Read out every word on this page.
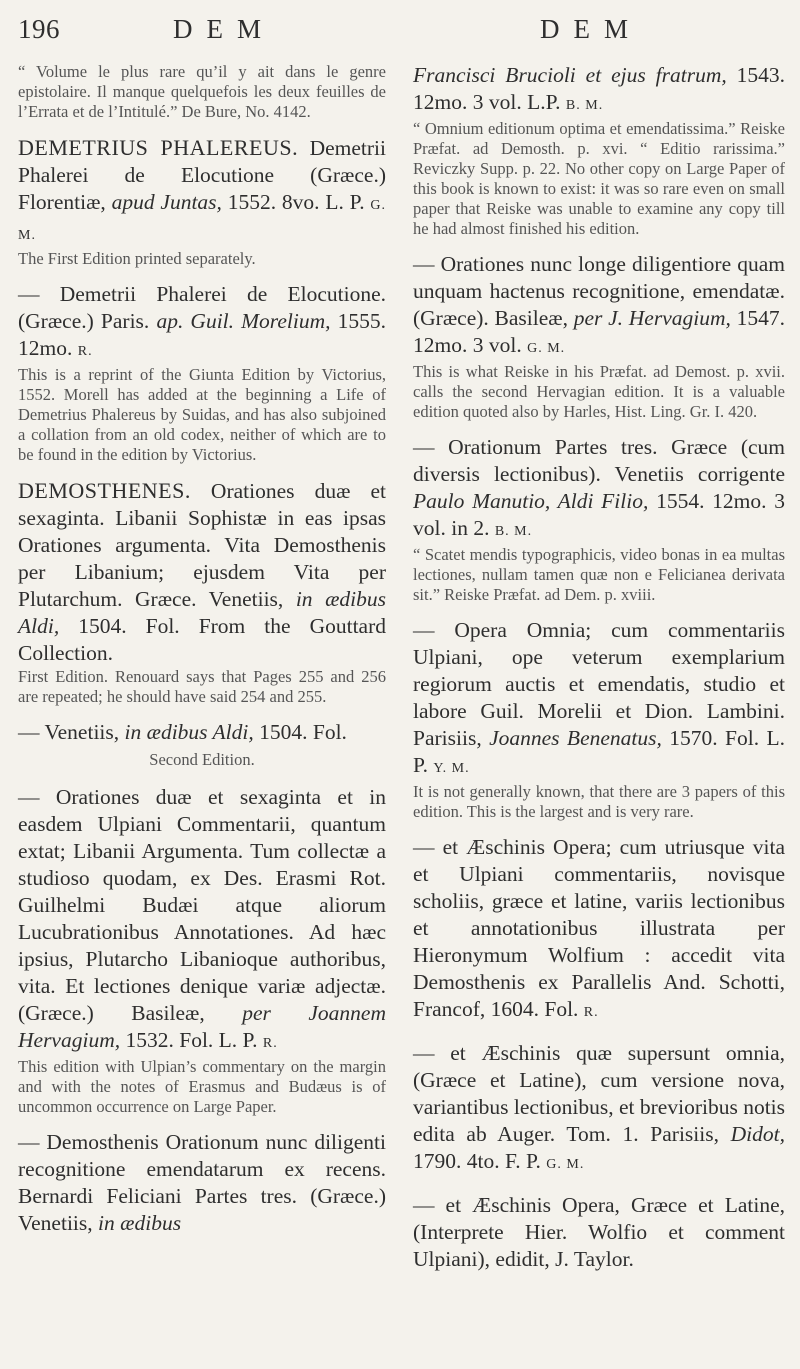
196	DEM	DEM

“ Volume le plus rare qu’il y ait dans le genre epistolaire. Il manque quelquefois les deux feuilles de l’Errata et de l’Intitulé.” De Bure, No. 4142.

DEMETRIUS PHALEREUS. Demetrii Phalerei de Elocutione (Græce.) Florentiæ, apud Juntas, 1552. 8vo. L. P. G. M.

The First Edition printed separately.

— Demetrii Phalerei de Elocutione. (Græce.) Paris. ap. Guil. Morelium, 1555. 12mo. R.

This is a reprint of the Giunta Edition by Victorius, 1552. Morell has added at the beginning a Life of Demetrius Phalereus by Suidas, and has also subjoined a collation from an old codex, neither of which are to be found in the edition by Victorius.

DEMOSTHENES. Orationes duæ et sexaginta. Libanii Sophistæ in eas ipsas Orationes argumenta. Vita Demosthenis per Libanium; ejusdem Vita per Plutarchum. Græce. Venetiis, in ædibus Aldi, 1504. Fol. From the Gouttard Collection.

First Edition. Renouard says that Pages 255 and 256 are repeated; he should have said 254 and 255.

— Venetiis, in ædibus Aldi, 1504. Fol.

Second Edition.

— Orationes duæ et sexaginta et in easdem Ulpiani Commentarii, quantum extat; Libanii Argumenta. Tum collectæ a studioso quodam, ex Des. Erasmi Rot. Guilhelmi Budæi atque aliorum Lucubrationibus Annotationes. Ad hæc ipsius, Plutarcho Libanioque authoribus, vita. Et lectiones denique variæ adjectæ. (Græce.) Basileæ, per Joannem Hervagium, 1532. Fol. L. P. R.

This edition with Ulpian’s commentary on the margin and with the notes of Erasmus and Budæus is of uncommon occurrence on Large Paper.

— Demosthenis Orationum nunc diligenti recognitione emendatarum ex recens. Bernardi Feliciani Partes tres. (Græce.) Venetiis, in ædibus

Francisci Brucioli et ejus fratrum, 1543. 12mo. 3 vol. L.P. B. M.

“ Omnium editionum optima et emendatissima.” Reiske Præfat. ad Demosth. p. xvi. “ Editio rarissima.” Reviczky Supp. p. 22. No other copy on Large Paper of this book is known to exist: it was so rare even on small paper that Reiske was unable to examine any copy till he had almost finished his edition.

— Orationes nunc longe diligentiore quam unquam hactenus recognitione, emendatæ. (Græce). Basileæ, per J. Hervagium, 1547. 12mo. 3 vol. G. M.

This is what Reiske in his Præfat. ad Demost. p. xvii. calls the second Hervagian edition. It is a valuable edition quoted also by Harles, Hist. Ling. Gr. I. 420.

— Orationum Partes tres. Græce (cum diversis lectionibus). Venetiis corrigente Paulo Manutio, Aldi Filio, 1554. 12mo. 3 vol. in 2. B. M.

“ Scatet mendis typographicis, video bonas in ea multas lectiones, nullam tamen quæ non e Felicianea derivata sit.” Reiske Præfat. ad Dem. p. xviii.

— Opera Omnia; cum commentariis Ulpiani, ope veterum exemplarium regiorum auctis et emendatis, studio et labore Guil. Morelii et Dion. Lambini. Parisiis, Joannes Benenatus, 1570. Fol. L. P. Y. M.

It is not generally known, that there are 3 papers of this edition. This is the largest and is very rare.

— et Æschinis Opera; cum utriusque vita et Ulpiani commentariis, novisque scholiis, græce et latine, variis lectionibus et annotationibus illustrata per Hieronymum Wolfium : accedit vita Demosthenis ex Parallelis And. Schotti, Francof, 1604. Fol. R.

— et Æschinis quæ supersunt omnia, (Græce et Latine), cum versione nova, variantibus lectionibus, et brevioribus notis edita ab Auger. Tom. 1. Parisiis, Didot, 1790. 4to. F. P. G. M.

— et Æschinis Opera, Græce et Latine, (Interprete Hier. Wolfio et comment Ulpiani), edidit, J. Taylor.
